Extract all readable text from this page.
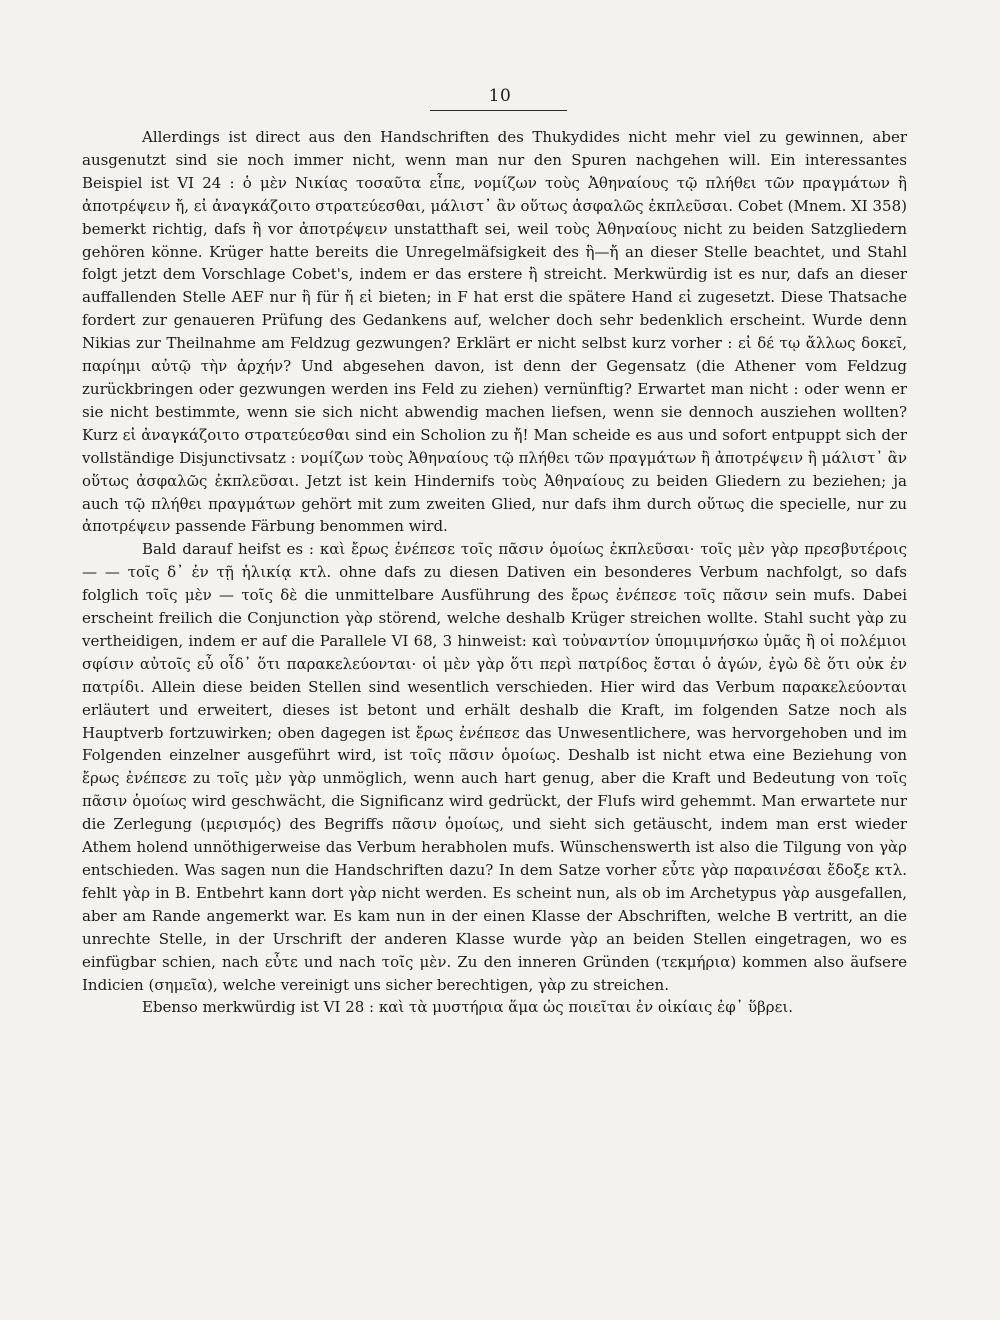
10

Allerdings ist direct aus den Handschriften des Thukydides nicht mehr viel zu gewinnen, aber ausgenutzt sind sie noch immer nicht, wenn man nur den Spuren nachgehen will. Ein interessantes Beispiel ist VI 24 : ὁ μὲν Νικίας τοσαῦτα εἶπε, νομίζων τοὺς Ἀθηναίους τῷ πλήθει τῶν πραγμάτων ἢ ἀποτρέψειν ἤ, εἰ ἀναγκάζοιτο στρατεύεσθαι, μάλιστ᾽ ἂν οὕτως ἀσφαλῶς ἐκπλεῦσαι. Cobet (Mnem. XI 358) bemerkt richtig, dafs ἢ vor ἀποτρέψειν unstatthaft sei, weil τοὺς Ἀθηναίους nicht zu beiden Satzgliedern gehören könne. Krüger hatte bereits die Unregelmäfsigkeit des ἢ—ἤ an dieser Stelle beachtet, und Stahl folgt jetzt dem Vorschlage Cobet's, indem er das erstere ἢ streicht. Merkwürdig ist es nur, dafs an dieser auffallenden Stelle AEF nur ἢ für ἤ εἰ bieten; in F hat erst die spätere Hand εἰ zugesetzt. Diese Thatsache fordert zur genaueren Prüfung des Gedankens auf, welcher doch sehr bedenklich erscheint. Wurde denn Nikias zur Theilnahme am Feldzug gezwungen? Erklärt er nicht selbst kurz vorher : εἰ δέ τῳ ἄλλως δοκεῖ, παρίημι αὐτῷ τὴν ἀρχήν? Und abgesehen davon, ist denn der Gegensatz (die Athener vom Feldzug zurückbringen oder gezwungen werden ins Feld zu ziehen) vernünftig? Erwartet man nicht : oder wenn er sie nicht bestimmte, wenn sie sich nicht abwendig machen liefsen, wenn sie dennoch ausziehen wollten? Kurz εἰ ἀναγκάζοιτο στρατεύεσθαι sind ein Scholion zu ἤ! Man scheide es aus und sofort entpuppt sich der vollständige Disjunctivsatz : νομίζων τοὺς Ἀθηναίους τῷ πλήθει τῶν πραγμάτων ἢ ἀποτρέψειν ἢ μάλιστ᾽ ἂν οὕτως ἀσφαλῶς ἐκπλεῦσαι. Jetzt ist kein Hindernifs τοὺς Ἀθηναίους zu beiden Gliedern zu beziehen; ja auch τῷ πλήθει πραγμάτων gehört mit zum zweiten Glied, nur dafs ihm durch οὕτως die specielle, nur zu ἀποτρέψειν passende Färbung benommen wird.

Bald darauf heifst es : καὶ ἔρως ἐνέπεσε τοῖς πᾶσιν ὁμοίως ἐκπλεῦσαι· τοῖς μὲν γὰρ πρεσβυτέροις — — τοῖς δ᾽ ἐν τῇ ἡλικίᾳ κτλ. ohne dafs zu diesen Dativen ein besonderes Verbum nachfolgt, so dafs folglich τοῖς μὲν — τοῖς δὲ die unmittelbare Ausführung des ἔρως ἐνέπεσε τοῖς πᾶσιν sein mufs. Dabei erscheint freilich die Conjunction γὰρ störend, welche deshalb Krüger streichen wollte. Stahl sucht γὰρ zu vertheidigen, indem er auf die Parallele VI 68, 3 hinweist: καὶ τοὐναντίον ὑπομιμνήσκω ὑμᾶς ἢ οἱ πολέμιοι σφίσιν αὐτοῖς εὖ οἶδ᾽ ὅτι παρακελεύονται· οἱ μὲν γὰρ ὅτι περὶ πατρίδος ἔσται ὁ ἀγών, ἐγὼ δὲ ὅτι οὐκ ἐν πατρίδι. Allein diese beiden Stellen sind wesentlich verschieden. Hier wird das Verbum παρακελεύονται erläutert und erweitert, dieses ist betont und erhält deshalb die Kraft, im folgenden Satze noch als Hauptverb fortzuwirken; oben dagegen ist ἔρως ἐνέπεσε das Unwesentlichere, was hervorgehoben und im Folgenden einzelner ausgeführt wird, ist τοῖς πᾶσιν ὁμοίως. Deshalb ist nicht etwa eine Beziehung von ἔρως ἐνέπεσε zu τοῖς μὲν γὰρ unmöglich, wenn auch hart genug, aber die Kraft und Bedeutung von τοῖς πᾶσιν ὁμοίως wird geschwächt, die Significanz wird gedrückt, der Flufs wird gehemmt. Man erwartete nur die Zerlegung (μερισμός) des Begriffs πᾶσιν ὁμοίως, und sieht sich getäuscht, indem man erst wieder Athem holend unnöthigerweise das Verbum herabholen mufs. Wünschenswerth ist also die Tilgung von γὰρ entschieden. Was sagen nun die Handschriften dazu? In dem Satze vorher εὖτε γὰρ παραινέσαι ἔδοξε κτλ. fehlt γὰρ in B. Entbehrt kann dort γὰρ nicht werden. Es scheint nun, als ob im Archetypus γὰρ ausgefallen, aber am Rande angemerkt war. Es kam nun in der einen Klasse der Abschriften, welche B vertritt, an die unrechte Stelle, in der Urschrift der anderen Klasse wurde γὰρ an beiden Stellen eingetragen, wo es einfügbar schien, nach εὖτε und nach τοῖς μὲν. Zu den inneren Gründen (τεκμήρια) kommen also äufsere Indicien (σημεῖα), welche vereinigt uns sicher berechtigen, γὰρ zu streichen.

Ebenso merkwürdig ist VI 28 : καὶ τὰ μυστήρια ἅμα ὡς ποιεῖται ἐν οἰκίαις ἐφ᾽ ὕβρει.
